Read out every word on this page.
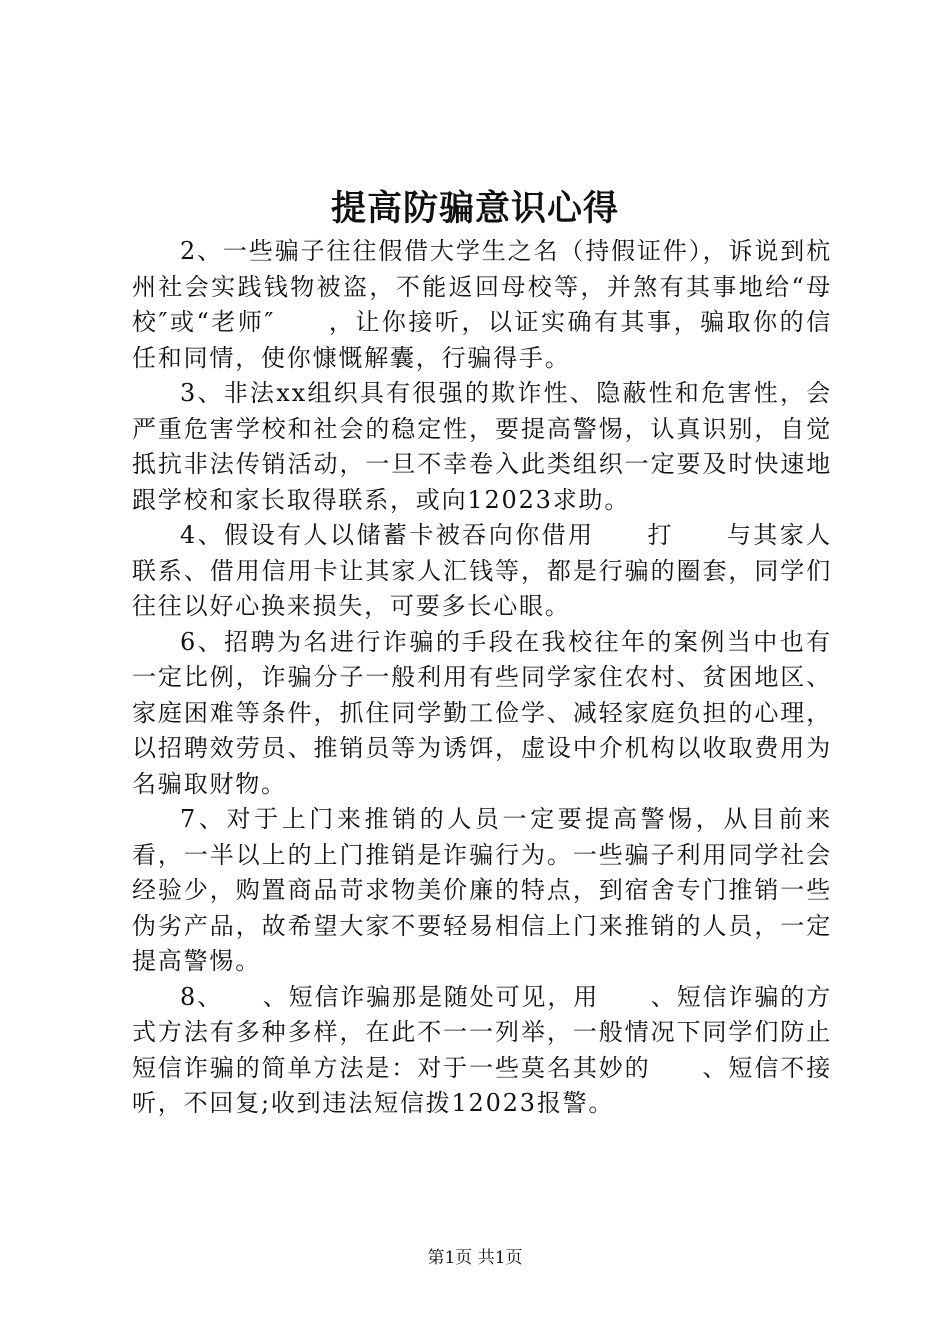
提高防骗意识心得

2、一些骗子往往假借大学生之名（持假证件），诉说到杭州社会实践钱物被盗，不能返回母校等，并煞有其事地给“母校″或“老师″　　，让你接听，以证实确有其事，骗取你的信任和同情，使你慷慨解囊，行骗得手。

3、非法xx组织具有很强的欺诈性、隐蔽性和危害性，会严重危害学校和社会的稳定性，要提高警惕，认真识别，自觉抵抗非法传销活动，一旦不幸卷入此类组织一定要及时快速地跟学校和家长取得联系，或向12023求助。

4、假设有人以储蓄卡被吞向你借用　　打　　与其家人联系、借用信用卡让其家人汇钱等，都是行骗的圈套，同学们往往以好心换来损失，可要多长心眼。

6、招聘为名进行诈骗的手段在我校往年的案例当中也有一定比例，诈骗分子一般利用有些同学家住农村、贫困地区、家庭困难等条件，抓住同学勤工俭学、减轻家庭负担的心理，以招聘效劳员、推销员等为诱饵，虚设中介机构以收取费用为名骗取财物。

7、对于上门来推销的人员一定要提高警惕，从目前来看，一半以上的上门推销是诈骗行为。一些骗子利用同学社会经验少，购置商品苛求物美价廉的特点，到宿舍专门推销一些伪劣产品，故希望大家不要轻易相信上门来推销的人员，一定提高警惕。

8、　　、短信诈骗那是随处可见，用　　、短信诈骗的方式方法有多种多样，在此不一一列举，一般情况下同学们防止短信诈骗的简单方法是：对于一些莫名其妙的　　、短信不接听，不回复;收到违法短信拨12023报警。

第1页 共1页
